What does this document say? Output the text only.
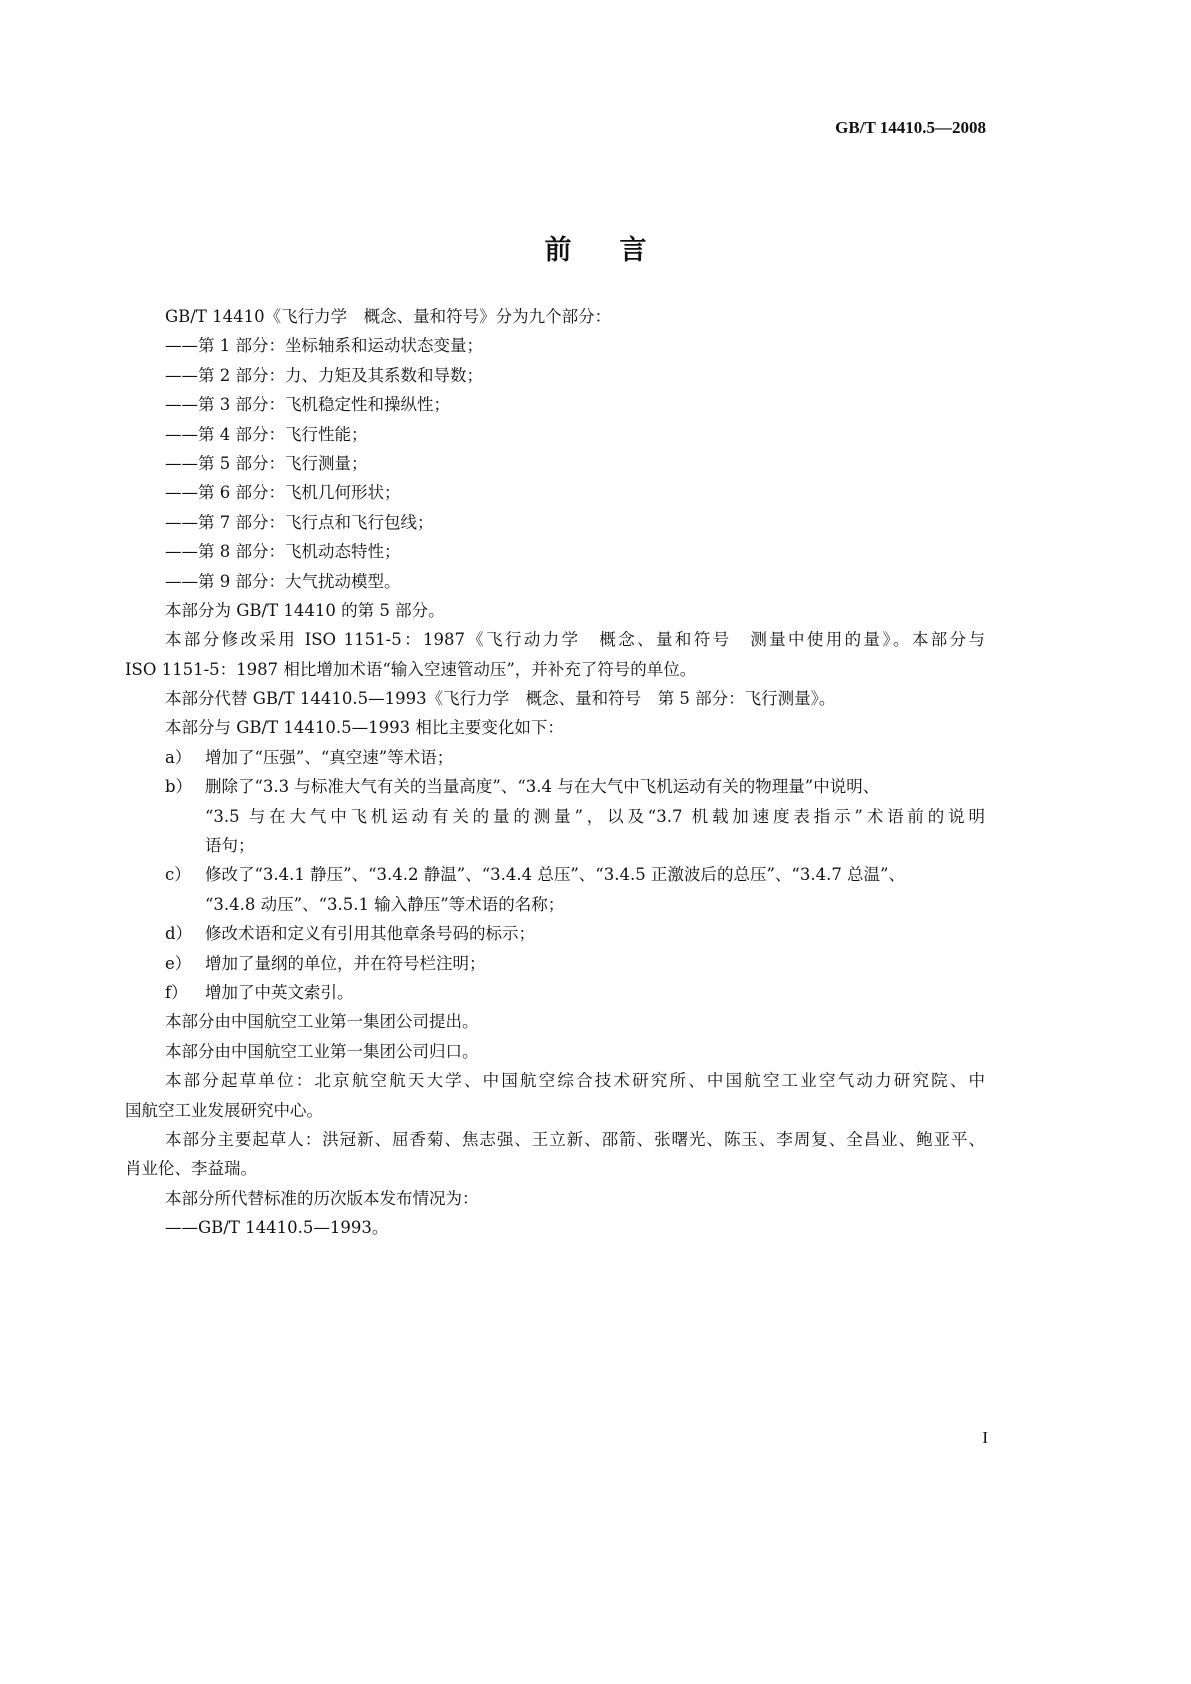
GB/T 14410.5—2008
前言
GB/T 14410《飞行力学　概念、量和符号》分为九个部分：
——第 1 部分：坐标轴系和运动状态变量；
——第 2 部分：力、力矩及其系数和导数；
——第 3 部分：飞机稳定性和操纵性；
——第 4 部分：飞行性能；
——第 5 部分：飞行测量；
——第 6 部分：飞机几何形状；
——第 7 部分：飞行点和飞行包线；
——第 8 部分：飞机动态特性；
——第 9 部分：大气扰动模型。
本部分为 GB/T 14410 的第 5 部分。
本部分修改采用 ISO 1151-5：1987《飞行动力学　概念、量和符号　测量中使用的量》。本部分与
ISO 1151-5：1987 相比增加术语“输入空速管动压”，并补充了符号的单位。
本部分代替 GB/T 14410.5—1993《飞行力学　概念、量和符号　第 5 部分：飞行测量》。
本部分与 GB/T 14410.5—1993 相比主要变化如下：
a） 增加了“压强”、“真空速”等术语；
b） 删除了“3.3 与标准大气有关的当量高度”、“3.4 与在大气中飞机运动有关的物理量”中说明、
“3.5 与在大气中飞机运动有关的量的测量”，以及“3.7 机载加速度表指示”术语前的说明
语句；
c） 修改了“3.4.1 静压”、“3.4.2 静温”、“3.4.4 总压”、“3.4.5 正激波后的总压”、“3.4.7 总温”、
“3.4.8 动压”、“3.5.1 输入静压”等术语的名称；
d） 修改术语和定义有引用其他章条号码的标示；
e） 增加了量纲的单位，并在符号栏注明；
f） 增加了中英文索引。
本部分由中国航空工业第一集团公司提出。
本部分由中国航空工业第一集团公司归口。
本部分起草单位：北京航空航天大学、中国航空综合技术研究所、中国航空工业空气动力研究院、中
国航空工业发展研究中心。
本部分主要起草人：洪冠新、屈香菊、焦志强、王立新、邵箭、张曙光、陈玉、李周复、全昌业、鲍亚平、
肖业伦、李益瑞。
本部分所代替标准的历次版本发布情况为：
——GB/T 14410.5—1993。
I
